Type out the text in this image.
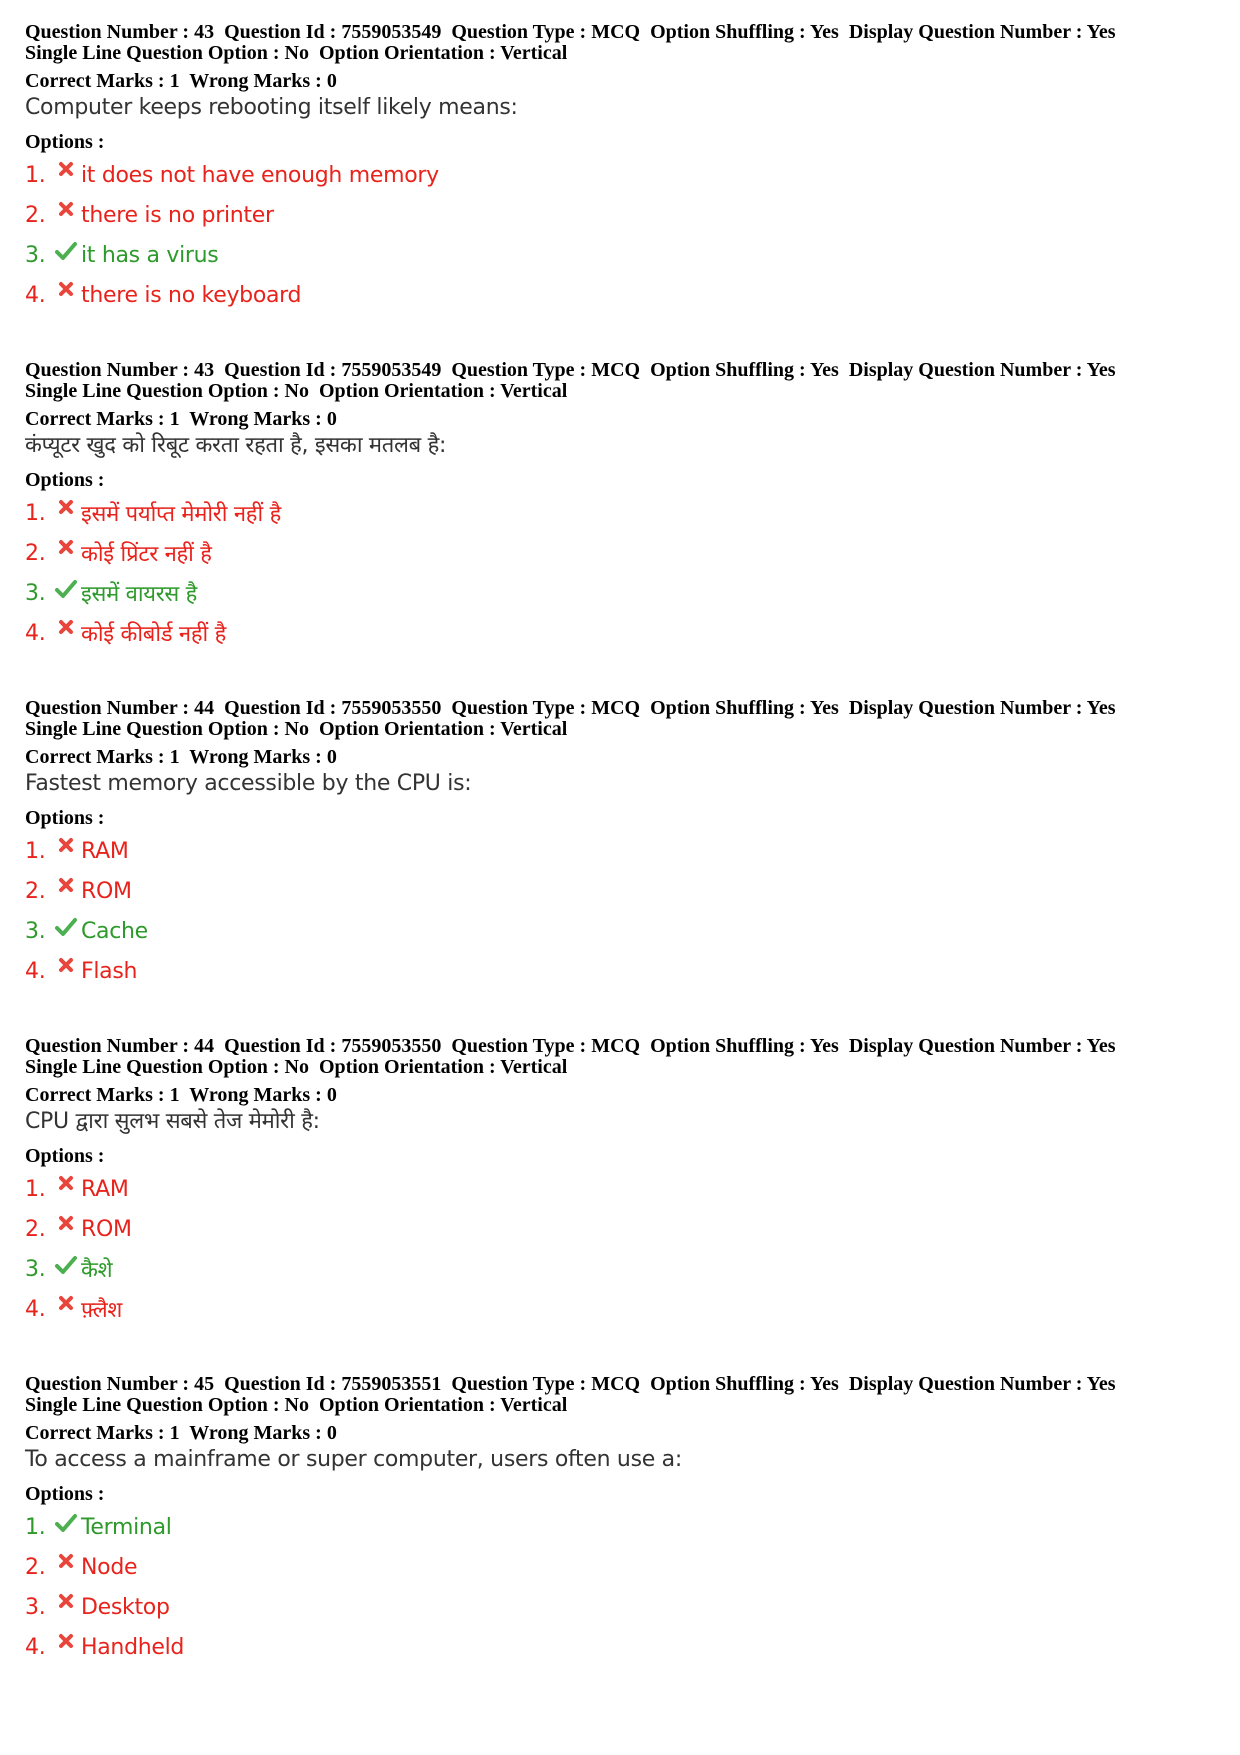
Question Number : 43 Question Id : 7559053549 Question Type : MCQ Option Shuffling : Yes Display Question Number : Yes
Single Line Question Option : No Option Orientation : Vertical
Correct Marks : 1 Wrong Marks : 0
Computer keeps rebooting itself likely means:
Options :
1. it does not have enough memory
2. there is no printer
3. it has a virus
4. there is no keyboard
Question Number : 43 Question Id : 7559053549 Question Type : MCQ Option Shuffling : Yes Display Question Number : Yes
Single Line Question Option : No Option Orientation : Vertical
Correct Marks : 1 Wrong Marks : 0
कंप्यूटर खुद को रिबूट करता रहता है, इसका मतलब है:
Options :
1. इसमें पर्याप्त मेमोरी नहीं है
2. कोई प्रिंटर नहीं है
3. इसमें वायरस है
4. कोई कीबोर्ड नहीं है
Question Number : 44 Question Id : 7559053550 Question Type : MCQ Option Shuffling : Yes Display Question Number : Yes
Single Line Question Option : No Option Orientation : Vertical
Correct Marks : 1 Wrong Marks : 0
Fastest memory accessible by the CPU is:
Options :
1. RAM
2. ROM
3. Cache
4. Flash
Question Number : 44 Question Id : 7559053550 Question Type : MCQ Option Shuffling : Yes Display Question Number : Yes
Single Line Question Option : No Option Orientation : Vertical
Correct Marks : 1 Wrong Marks : 0
CPU द्वारा सुलभ सबसे तेज मेमोरी है:
Options :
1. RAM
2. ROM
3. कैशे
4. फ़्लैश
Question Number : 45 Question Id : 7559053551 Question Type : MCQ Option Shuffling : Yes Display Question Number : Yes
Single Line Question Option : No Option Orientation : Vertical
Correct Marks : 1 Wrong Marks : 0
To access a mainframe or super computer, users often use a:
Options :
1. Terminal
2. Node
3. Desktop
4. Handheld
